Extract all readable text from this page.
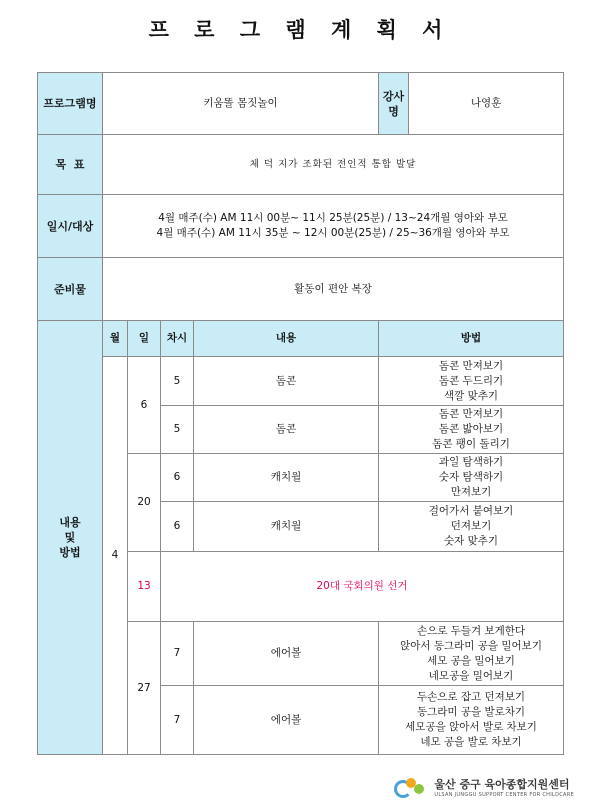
프 로 그 램 계 획 서
프로그램명	키움똘 몸짓놀이				강사명	나영훈
목  표	체 덕 지가 조화된 전인적 통합 발달					
일시/대상	4월 매주(수) AM 11시 00분~ 11시 25분(25분) / 13~24개월 영아와 부모
4월 매주(수) AM 11시 35분 ~ 12시 00분(25분) / 25~36개월 영아와 부모					

준비물	활동이 편안 복장					

내용
및
방법	월	일	차시	내용	방법	
	4	6	5	돔콘	돔콘 만져보기
돔콘 두드리기
색깔 맞추기	

			5	돔콘	돔콘 만져보기
돔콘 밟아보기
돔콘 팽이 돌리기	

		20	6	캐치월	과일 탐색하기
숫자 탐색하기
만져보기	

			6	캐치월	걸어가서 붙여보기
던져보기
숫자 맞추기	

		13	20대 국회의원 선거			
		27	7	에어볼	손으로 두들겨 보게한다
앉아서 동그라미 공을 밀어보기
세모 공을 밀어보기
네모공을 밀어보기	

			7	에어볼	두손으로 잡고 던져보기
동그라미 공을 발로차기
세모공을 앉아서 발로 차보기
네모 공을 발로 차보기	
울산 중구 육아종합지원센터
ULSAN JUNGGU SUPPORT CENTER FOR CHILDCARE
